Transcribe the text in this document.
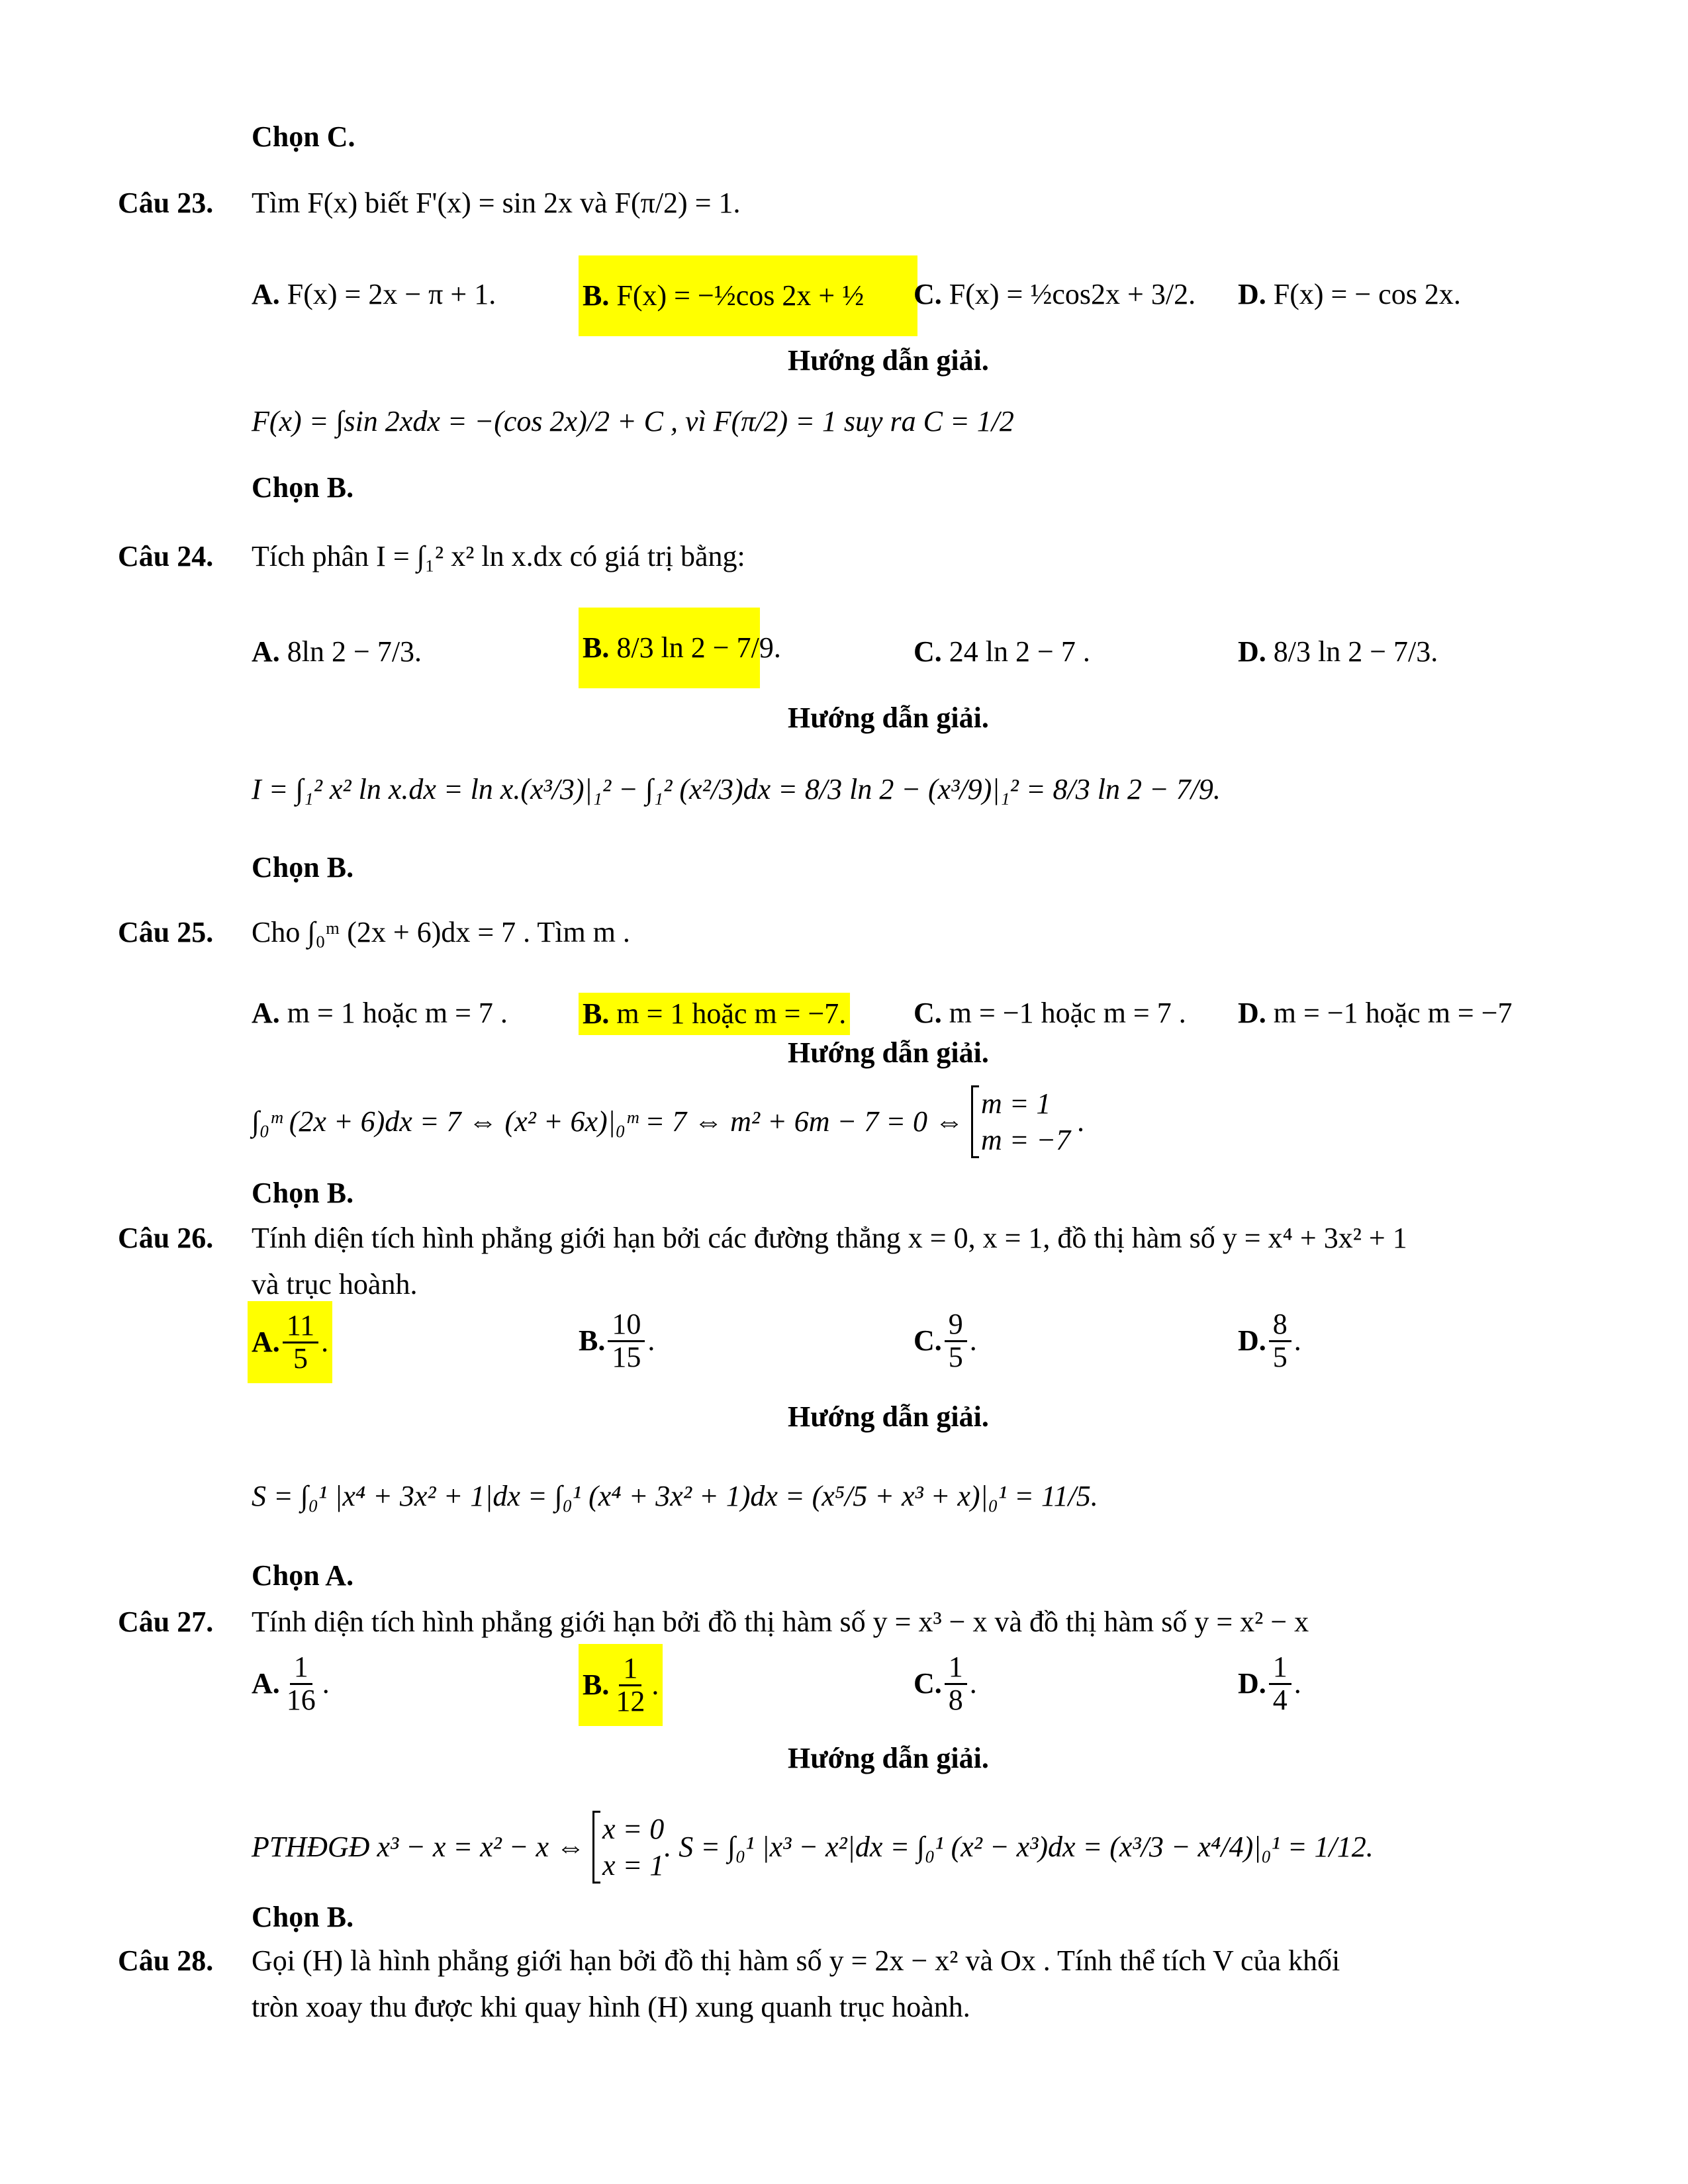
Chọn C.
Câu 23. Tìm F(x) biết F'(x) = sin 2x và F(π/2) = 1.
A. F(x) = 2x − π + 1.	B.
F(x) = −½cos 2x + ½ C. F(x) = ½cos2x + 3/2. D. F(x) = − cos 2x.
Hướng dẫn giải.
F(x) = ∫sin 2xdx = −(cos 2x)/2 + C , vì F(π/2) = 1 suy ra C = 1/2
Chọn B.
Câu 24. Tích phân I = ∫₁² x² ln x.dx có giá trị bằng:
A. 8ln 2 − 7/3.	B.
8/3 ln 2 − 7/9.	C. 24 ln 2 − 7 .	D. 8/3 ln 2 − 7/3.
Hướng dẫn giải.
I = ∫₁² x² ln x.dx = ln x.(x³/3)|₁² − ∫₁² (x²/3)dx = 8/3 ln 2 − (x³/9)|₁² = 8/3 ln 2 − 7/9.
Chọn B.
Câu 25. Cho ∫₀ᵐ (2x + 6)dx = 7 . Tìm m .
A. m = 1 hoặc m = 7 .	B.
m = 1 hoặc m = −7. C. m = −1 hoặc m = 7 . D. m = −1 hoặc m = −7
Hướng dẫn giải.
∫₀ᵐ (2x + 6)dx = 7 ⇔ (x² + 6x)|₀ᵐ = 7 ⇔ m² + 6m − 7 = 0 ⇔

m = 1
m = −7
.
Chọn B.
Câu 26. Tính diện tích hình phẳng giới hạn bởi các đường thẳng x = 0, x = 1, đồ thị hàm số y = x⁴ + 3x² + 1
và trục hoành.
A. $\frac{11}{5}$ .	B. $\frac{10}{15}$ .	C. $\frac{9}{5}$ .	D. $\frac{8}{5}$ .
Hướng dẫn giải.
S = ∫₀¹ |x⁴ + 3x² + 1|dx = ∫₀¹ (x⁴ + 3x² + 1)dx = (x⁵/5 + x³ + x)|₀¹ = 11/5.
Chọn A.
Câu 27. Tính diện tích hình phẳng giới hạn bởi đồ thị hàm số y = x³ − x và đồ thị hàm số y = x² − x
A. $\frac{1}{16}$ .	B. $\frac{1}{12}$ .	C. $\frac{1}{8}$ .	D. $\frac{1}{4}$ .
Hướng dẫn giải.
PTHĐGĐ x³ − x = x² − x ⇔

x = 0
x = 1
. S = ∫₀¹ |x³ − x²|dx = ∫₀¹ (x² − x³)dx = (x³/3 − x⁴/4)|₀¹ = 1/12.
Chọn B.
Câu 28. Gọi (H) là hình phẳng giới hạn bởi đồ thị hàm số y = 2x − x² và Ox . Tính thể tích V của khối
tròn xoay thu được khi quay hình (H) xung quanh trục hoành.
